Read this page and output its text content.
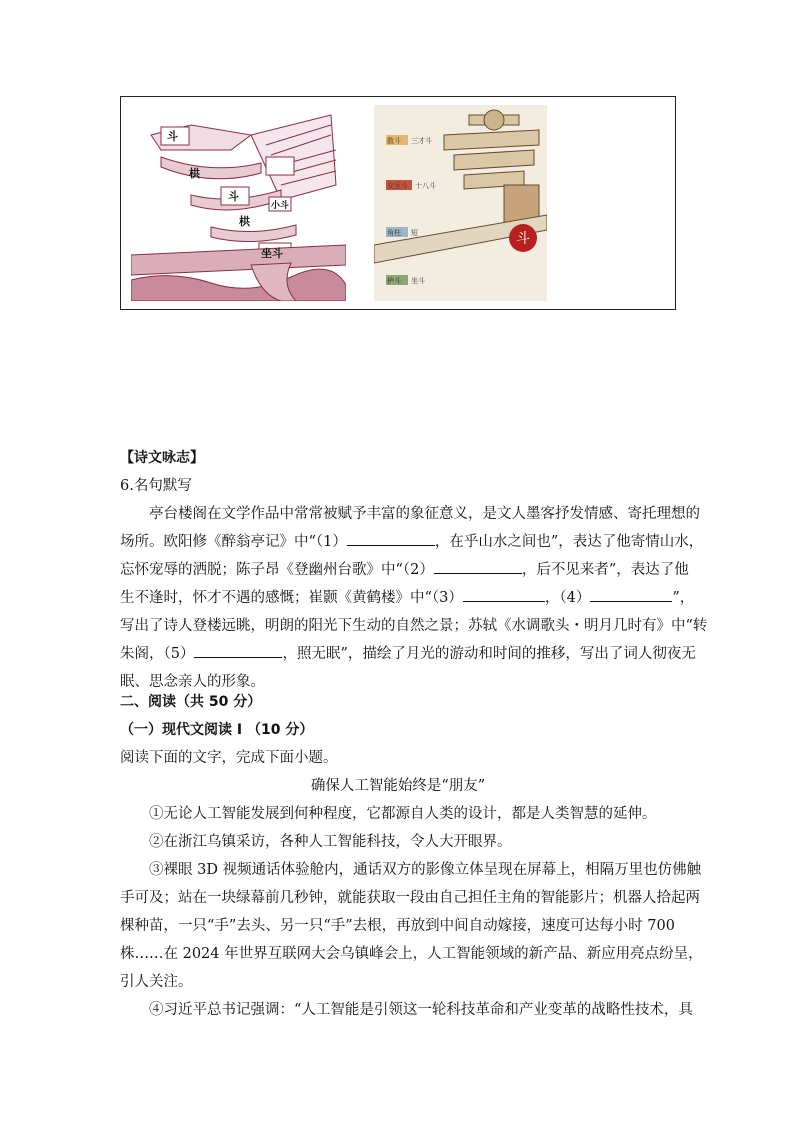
斗
栱
斗
栱
小斗
坐斗
散斗 三才斗
交互斗 十八斗
角柱 短
栌斗 坐斗
斗
【诗文咏志】
6.名句默写
亭台楼阁在文学作品中常常被赋予丰富的象征意义，是文人墨客抒发情感、寄托理想的
场所。欧阳修《醉翁亭记》中“（1）	，在乎山水之间也”，表达了他寄情山水，
忘怀宠辱的洒脱；陈子昂《登幽州台歌》中“（2）	，后不见来者”，表达了他
生不逢时，怀才不遇的感慨；崔颢《黄鹤楼》中“（3）	，（4）	”，
写出了诗人登楼远眺，明朗的阳光下生动的自然之景；苏轼《水调歌头・明月几时有》中“转
朱阁，（5）	，照无眠”，描绘了月光的游动和时间的推移，写出了词人彻夜无
眠、思念亲人的形象。
二、阅读（共 50 分）
（一）现代文阅读 I （10 分）
阅读下面的文字，完成下面小题。
确保人工智能始终是“朋友”
①无论人工智能发展到何种程度，它都源自人类的设计，都是人类智慧的延伸。
②在浙江乌镇采访，各种人工智能科技，令人大开眼界。
③裸眼 3D 视频通话体验舱内，通话双方的影像立体呈现在屏幕上，相隔万里也仿佛触
手可及；站在一块绿幕前几秒钟，就能获取一段由自己担任主角的智能影片；机器人拾起两
棵种苗，一只“手”去头、另一只“手”去根，再放到中间自动嫁接，速度可达每小时 700
株……在 2024 年世界互联网大会乌镇峰会上，人工智能领域的新产品、新应用亮点纷呈，
引人关注。
④习近平总书记强调：“人工智能是引领这一轮科技革命和产业变革的战略性技术，具
